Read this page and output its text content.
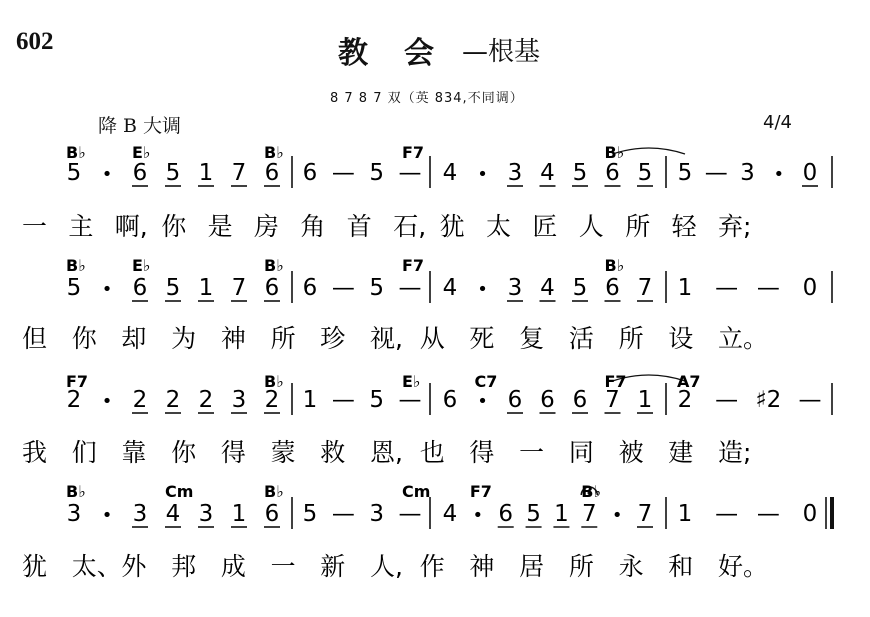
602	教会
—根基
8 7 8 7 双（英 834,不同调）
降 B 大调	4/4
5 • 6 5 1 7 6 6 — 5 — 4 • 3 4 5 6 5 5 — 3 • 0
B♭	E♭	B♭	F7	B♭
一 主 啊, 你 是 房 角 首 石, 犹 太 匠 人 所 轻 弃;
5 • 6 5 1 7 6 6 — 5 — 4 • 3 4 5 6 7 1 — — 0
B♭	E♭	B♭	F7	B♭
但 你 却 为 神 所 珍 视, 从 死 复 活 所 设 立。
2 • 2 2 2 3 2 1 — 5 — 6 • 6 6 6 7 1 2 — ♯2 —
F7	B♭	E♭	C7	F7	A7
我 们 靠 你 得 蒙 救 恩, 也 得 一 同 被 建 造;
3 • 3 4 3 1 6 5 — 3 — 4 • 6 5 1 7 • 7 1 — — 0
B♭	Cm	B♭	Cm F7	B♭
犹 太、 外 邦 成 一 新 人, 作 神 居 所 永 和 好。
